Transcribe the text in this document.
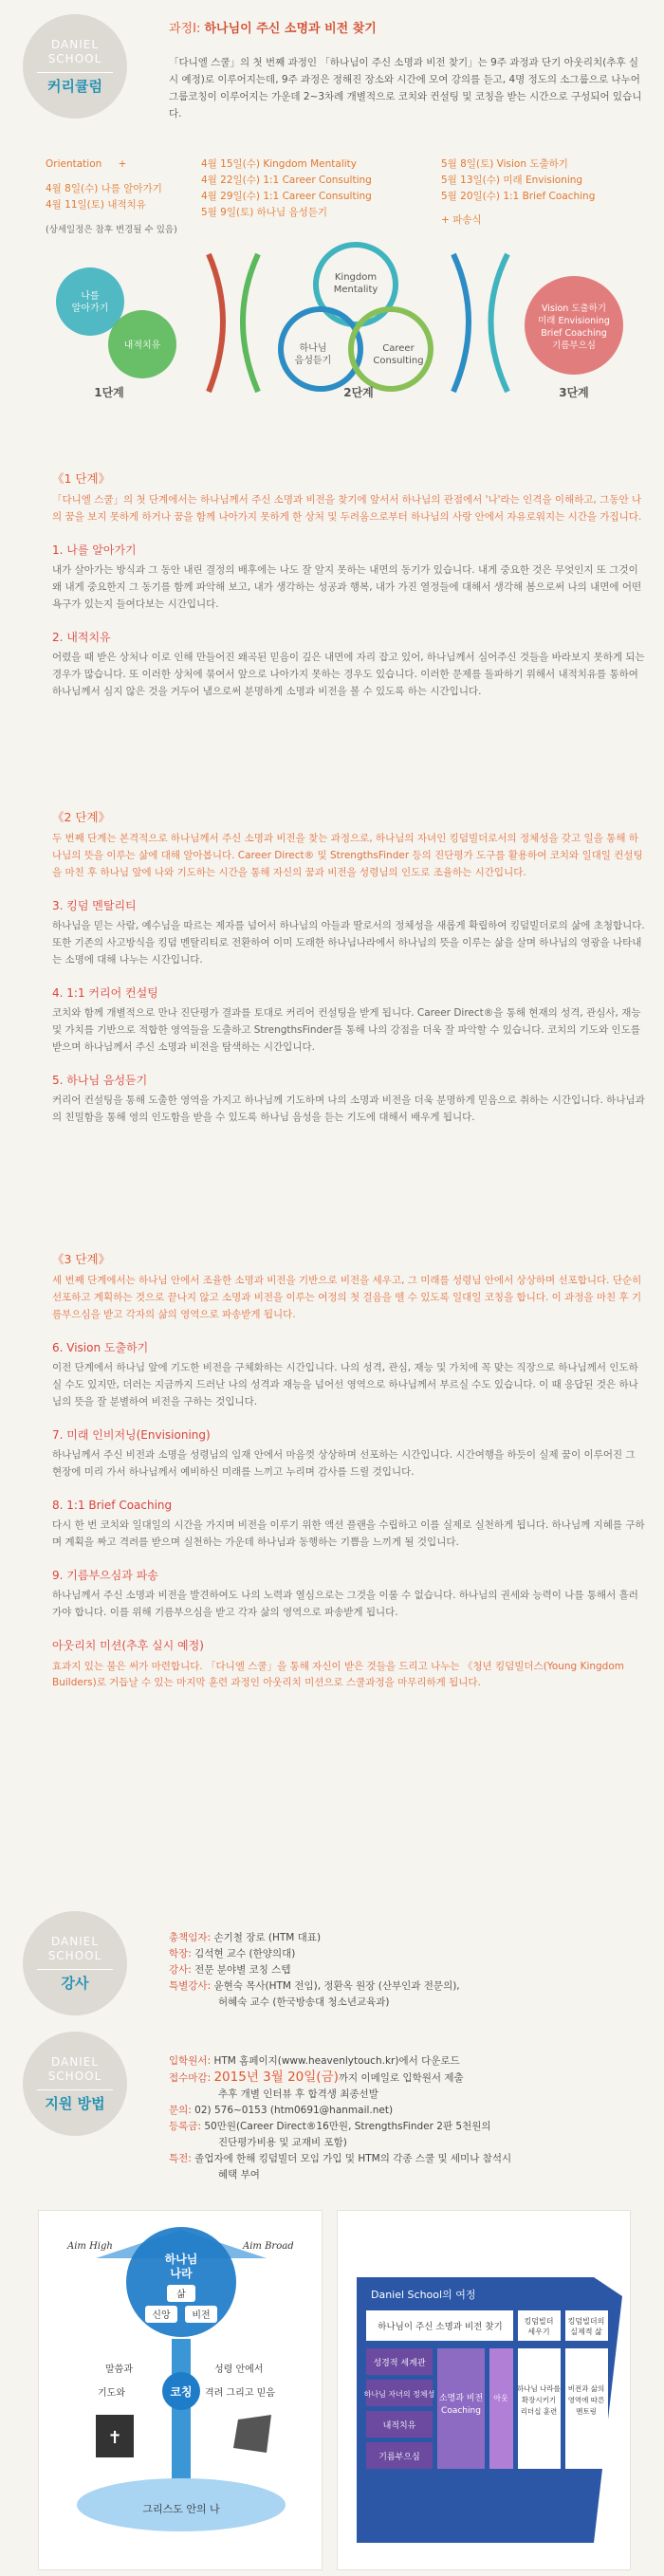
DANIEL
SCHOOL
커리큘럼
과정Ⅰ: 하나님이 주신 소명과 비전 찾기
「다니엘 스쿨」의 첫 번째 과정인 「하나님이 주신 소명과 비전 찾기」는 9주 과정과 단기 아웃리치(추후 실시 예정)로 이루어지는데, 9주 과정은 정해진 장소와 시간에 모여 강의를 듣고, 4명 정도의 소그룹으로 나누어 그룹코칭이 이루어지는 가운데 2~3차례 개별적으로 코치와 컨설팅 및 코칭을 받는 시간으로 구성되어 있습니다.
Orientation +
4월 8일(수) 나를 알아가기
4월 11일(토) 내적치유
(상세일정은 참후 변경될 수 있음)
4월 15일(수) Kingdom Mentality
4월 22일(수) 1:1 Career Consulting
4월 29일(수) 1:1 Career Consulting
5월 9일(토) 하나님 음성듣기
5월 8일(토) Vision 도출하기
5월 13일(수) 미래 Envisioning
5월 20일(수) 1:1 Brief Coaching
+ 파송식
나를
알아가기
내적치유
Kingdom
Mentality
하나님
음성듣기
Career
Consulting
Vision 도출하기
미래 Envisioning
Brief Coaching
기름부으심
1단계	2단계	3단계
《1 단계》
「다니엘 스쿨」의 첫 단계에서는 하나님께서 주신 소명과 비전을 찾기에 앞서서 하나님의 관점에서 '나'라는 인격을 이해하고, 그동안 나의 꿈을 보지 못하게 하거나 꿈을 함께 나아가지 못하게 한 상처 및 두려움으로부터 하나님의 사랑 안에서 자유로워지는 시간을 가집니다.
1. 나를 알아가기
내가 살아가는 방식과 그 동안 내린 결정의 배후에는 나도 잘 알지 못하는 내면의 동기가 있습니다. 내게 중요한 것은 무엇인지 또 그것이 왜 내게 중요한지 그 동기를 함께 파악해 보고, 내가 생각하는 성공과 행복, 내가 가진 열정들에 대해서 생각해 봄으로써 나의 내면에 어떤 욕구가 있는지 들여다보는 시간입니다.
2. 내적치유
어렸을 때 받은 상처나 이로 인해 만들어진 왜곡된 믿음이 깊은 내면에 자리 잡고 있어, 하나님께서 심어주신 것들을 바라보지 못하게 되는 경우가 많습니다. 또 이러한 상처에 묶여서 앞으로 나아가지 못하는 경우도 있습니다. 이러한 문제를 돌파하기 위해서 내적치유를 통하여 하나님께서 심지 않은 것을 거두어 냄으로써 분명하게 소명과 비전을 볼 수 있도록 하는 시간입니다.
《2 단계》
두 번째 단계는 본격적으로 하나님께서 주신 소명과 비전을 찾는 과정으로, 하나님의 자녀인 킹덤빌더로서의 정체성을 갖고 일을 통해 하나님의 뜻을 이루는 삶에 대해 알아봅니다. Career Direct® 및 StrengthsFinder 등의 진단평가 도구를 활용하여 코치와 일대일 컨설팅을 마친 후 하나님 앞에 나와 기도하는 시간을 통해 자신의 꿈과 비전을 성령님의 인도로 조율하는 시간입니다.
3. 킹덤 멘탈리티
하나님을 믿는 사람, 예수님을 따르는 제자를 넘어서 하나님의 아들과 딸로서의 정체성을 새롭게 확립하여 킹덤빌더로의 삶에 초청합니다. 또한 기존의 사고방식을 킹덤 멘탈리티로 전환하여 이미 도래한 하나님나라에서 하나님의 뜻을 이루는 삶을 살며 하나님의 영광을 나타내는 소명에 대해 나누는 시간입니다.
4. 1:1 커리어 컨설팅
코치와 함께 개별적으로 만나 진단평가 결과를 토대로 커리어 컨설팅을 받게 됩니다. Career Direct®을 통해 현재의 성격, 관심사, 재능 및 가치를 기반으로 적합한 영역들을 도출하고 StrengthsFinder를 통해 나의 강점을 더욱 잘 파악할 수 있습니다. 코치의 기도와 인도를 받으며 하나님께서 주신 소명과 비전을 탐색하는 시간입니다.
5. 하나님 음성듣기
커리어 컨설팅을 통해 도출한 영역을 가지고 하나님께 기도하며 나의 소명과 비전을 더욱 분명하게 믿음으로 취하는 시간입니다. 하나님과의 친밀함을 통해 영의 인도함을 받을 수 있도록 하나님 음성을 듣는 기도에 대해서 배우게 됩니다.
《3 단계》
세 번째 단계에서는 하나님 안에서 조율한 소명과 비전을 기반으로 비전을 세우고, 그 미래를 성령님 안에서 상상하며 선포합니다. 단순히 선포하고 계획하는 것으로 끝나지 않고 소명과 비전을 이루는 여정의 첫 걸음을 뗄 수 있도록 일대일 코칭을 합니다. 이 과정을 마친 후 기름부으심을 받고 각자의 삶의 영역으로 파송받게 됩니다.
6. Vision 도출하기
이전 단계에서 하나님 앞에 기도한 비전을 구체화하는 시간입니다. 나의 성격, 관심, 재능 및 가치에 꼭 맞는 직장으로 하나님께서 인도하실 수도 있지만, 더러는 지금까지 드러난 나의 성격과 재능을 넘어선 영역으로 하나님께서 부르실 수도 있습니다. 이 때 응답된 것은 하나님의 뜻을 잘 분별하여 비전을 구하는 것입니다.
7. 미래 인비저닝(Envisioning)
하나님께서 주신 비전과 소명을 성령님의 임재 안에서 마음껏 상상하며 선포하는 시간입니다. 시간여행을 하듯이 실제 꿈이 이루어진 그 현장에 미리 가서 하나님께서 예비하신 미래를 느끼고 누리며 감사를 드릴 것입니다.
8. 1:1 Brief Coaching
다시 한 번 코치와 일대일의 시간을 가지며 비전을 이루기 위한 액션 플랜을 수립하고 이를 실제로 실천하게 됩니다. 하나님께 지혜를 구하며 계획을 짜고 격려를 받으며 실천하는 가운데 하나님과 동행하는 기쁨을 느끼게 될 것입니다.
9. 기름부으심과 파송
하나님께서 주신 소명과 비전을 발견하여도 나의 노력과 열심으로는 그것을 이룰 수 없습니다. 하나님의 권세와 능력이 나를 통해서 흘러가야 합니다. 이를 위해 기름부으심을 받고 각자 삶의 영역으로 파송받게 됩니다.
아웃리치 미션(추후 실시 예정)
효과지 있는 불은 써가 마련합니다. 「다니엘 스쿨」을 통해 자신이 받은 것들을 드리고 나누는 《청년 킹덤빌더스(Young Kingdom Builders)로 거듭날 수 있는 마지막 훈련 과정인 아웃리치 미션으로 스쿨과정을 마무리하게 됩니다.
DANIEL
SCHOOL
강사
총책임자: 손기철 장로 (HTM 대표)
학장: 김석현 교수 (한양의대)
강사: 전문 분야별 코칭 스텝
특별강사: 윤현숙 목사(HTM 전임), 정환옥 원장 (산부인과 전문의),
허혜숙 교수 (한국방송대 청소년교육과)
DANIEL
SCHOOL
지원 방법
입학원서: HTM 홈페이지(www.heavenlytouch.kr)에서 다운로드
접수마감: 2015년 3월 20일(금)까지 이메일로 입학원서 제출
추후 개별 인터뷰 후 합격생 최종선발
문의: 02) 576~0153 (htm0691@hanmail.net)
등록금: 50만원(Career Direct®16만원, StrengthsFinder 2판 5천원의
진단평가비용 및 교재비 포함)
특전: 졸업자에 한해 킹덤빌더 모임 가입 및 HTM의 각종 스쿨 및 세미나 참석시
혜택 부여
Aim High	Aim Broad
하나님
나라
삶
신앙 비전
말씀과
기도와
성령 안에서
격려 그리고 믿음
코칭
✝
그리스도 안의 나
Daniel School의 여정
하나님이 주신 소명과 비전 찾기
킹덤빌더
세우기
킹덤빌더의
실제적 삶
성경적 세계관
하나님 자녀의 정체성
내적치유
기름부으심
소명과 비전
Coaching
아웃
하나님 나라를
확장시키기
리더십 훈련
비전과 삶의
영역에 따른
멘토링
